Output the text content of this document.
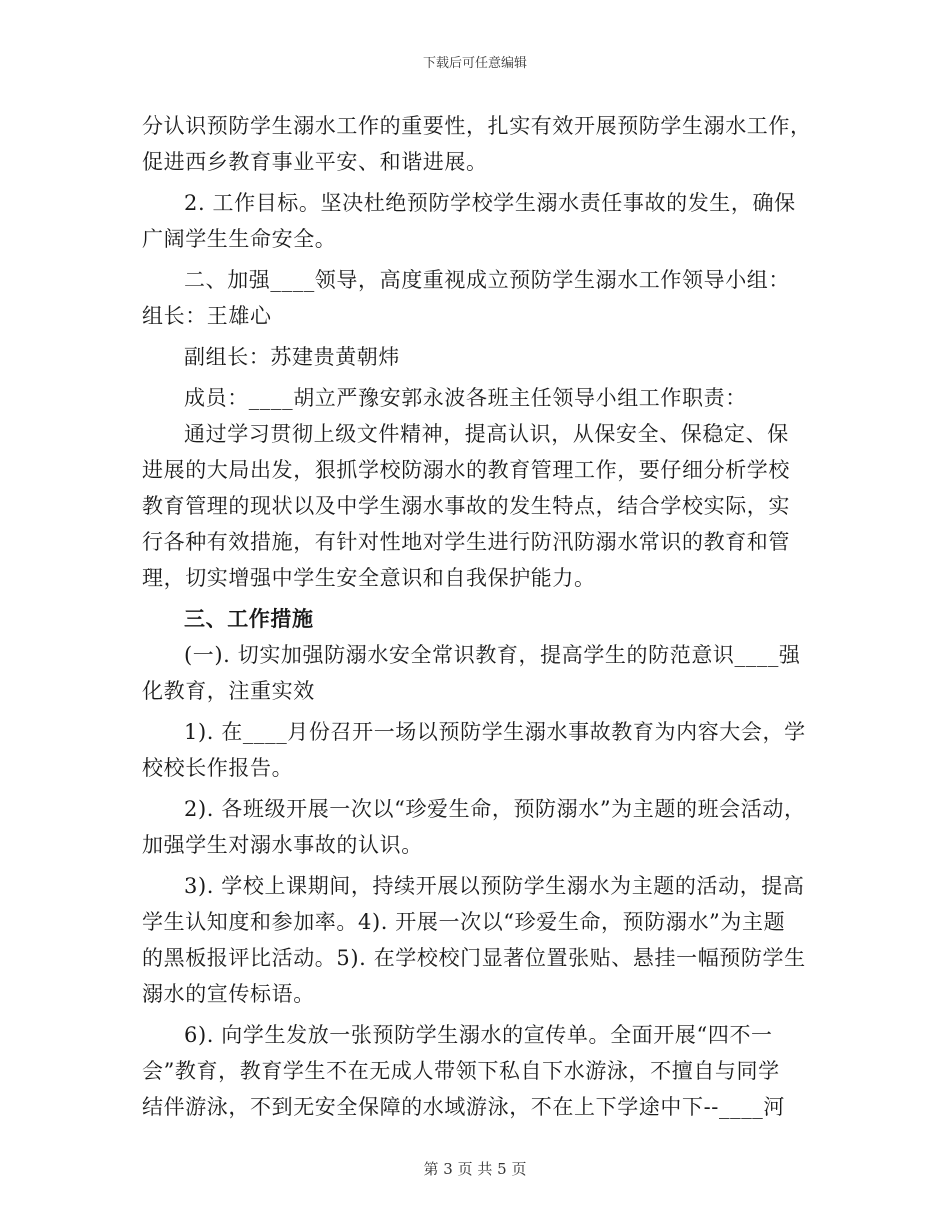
下载后可任意编辑
分认识预防学生溺水工作的重要性，扎实有效开展预防学生溺水工作，
促进西乡教育事业平安、和谐进展。
2. 工作目标。坚决杜绝预防学校学生溺水责任事故的发生，确保
广阔学生生命安全。
二、加强____领导，高度重视成立预防学生溺水工作领导小组：
组长：王雄心
副组长：苏建贵黄朝炜
成员：____胡立严豫安郭永波各班主任领导小组工作职责：
通过学习贯彻上级文件精神，提高认识，从保安全、保稳定、保
进展的大局出发，狠抓学校防溺水的教育管理工作，要仔细分析学校
教育管理的现状以及中学生溺水事故的发生特点，结合学校实际，实
行各种有效措施，有针对性地对学生进行防汛防溺水常识的教育和管
理，切实增强中学生安全意识和自我保护能力。
三、工作措施
(一). 切实加强防溺水安全常识教育，提高学生的防范意识____强
化教育，注重实效
1). 在____月份召开一场以预防学生溺水事故教育为内容大会，学
校校长作报告。
2). 各班级开展一次以“珍爱生命，预防溺水”为主题的班会活动，
加强学生对溺水事故的认识。
3). 学校上课期间，持续开展以预防学生溺水为主题的活动，提高
学生认知度和参加率。4). 开展一次以“珍爱生命，预防溺水”为主题
的黑板报评比活动。5). 在学校校门显著位置张贴、悬挂一幅预防学生
溺水的宣传标语。
6). 向学生发放一张预防学生溺水的宣传单。全面开展“四不一
会”教育，教育学生不在无成人带领下私自下水游泳，不擅自与同学
结伴游泳，不到无安全保障的水域游泳，不在上下学途中下--____河
第 3 页 共 5 页
